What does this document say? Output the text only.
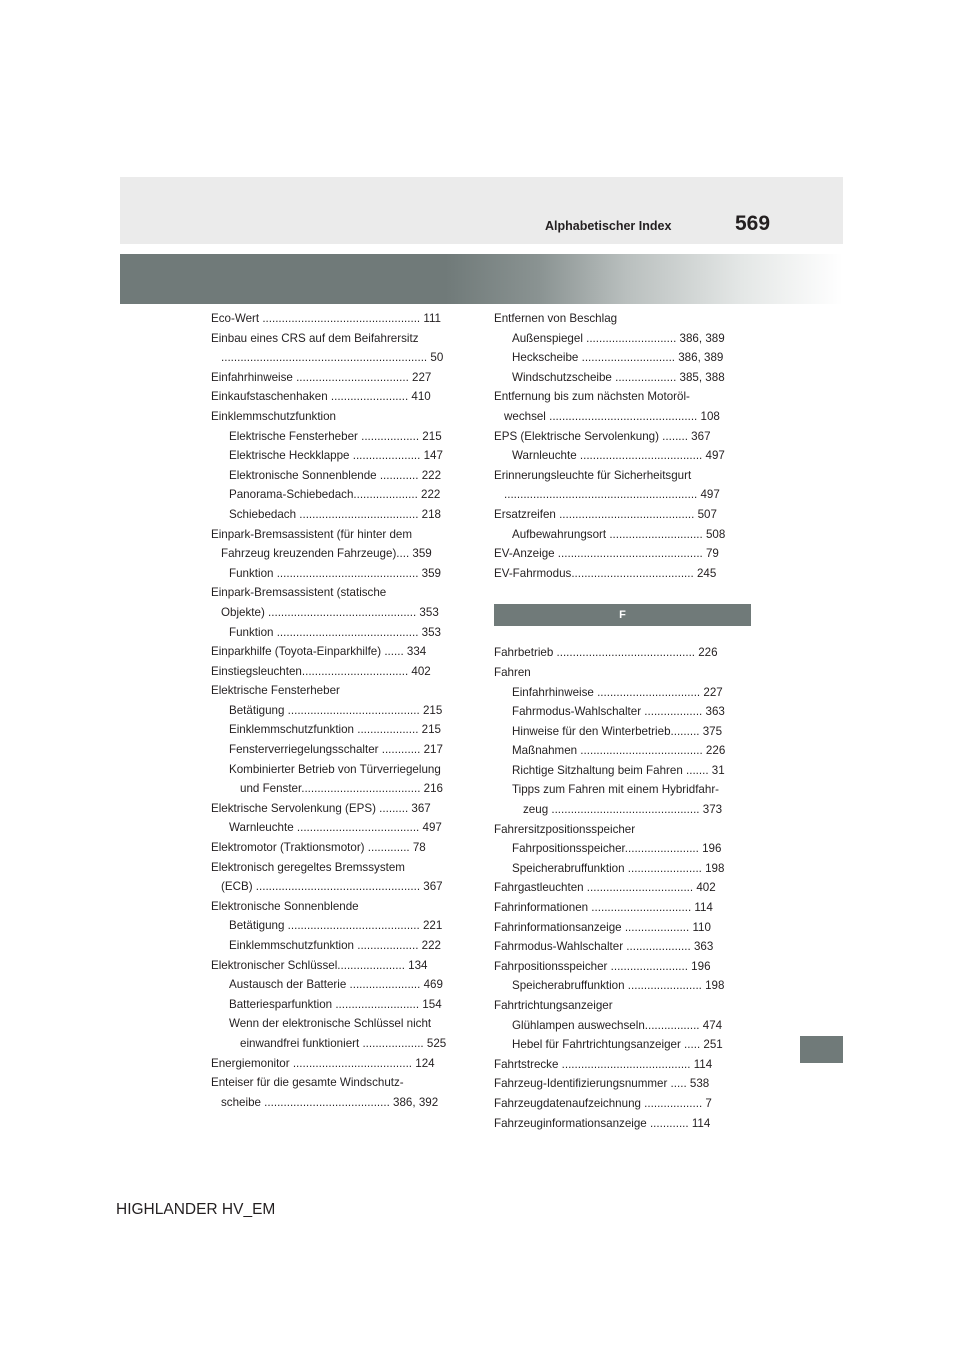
Alphabetischer Index	569
Eco-Wert ................................................. 111
Einbau eines CRS auf dem Beifahrersitz
................................................................ 50
Einfahrhinweise ................................... 227
Einkaufstaschenhaken ........................ 410
Einklemmschutzfunktion
Elektrische Fensterheber .................. 215
Elektrische Heckklappe ..................... 147
Elektronische Sonnenblende ............ 222
Panorama-Schiebedach.................... 222
Schiebedach ..................................... 218
Einpark-Bremsassistent (für hinter dem
Fahrzeug kreuzenden Fahrzeuge).... 359
Funktion ............................................ 359
Einpark-Bremsassistent (statische
Objekte) .............................................. 353
Funktion ............................................ 353
Einparkhilfe (Toyota-Einparkhilfe) ...... 334
Einstiegsleuchten................................. 402
Elektrische Fensterheber
Betätigung ......................................... 215
Einklemmschutzfunktion ................... 215
Fensterverriegelungsschalter ............ 217
Kombinierter Betrieb von Türverriegelung
und Fenster..................................... 216
Elektrische Servolenkung (EPS) ......... 367
Warnleuchte ...................................... 497
Elektromotor (Traktionsmotor) ............. 78
Elektronisch geregeltes Bremssystem
(ECB) ................................................... 367
Elektronische Sonnenblende
Betätigung ......................................... 221
Einklemmschutzfunktion ................... 222
Elektronischer Schlüssel..................... 134
Austausch der Batterie ...................... 469
Batteriesparfunktion .......................... 154
Wenn der elektronische Schlüssel nicht
einwandfrei funktioniert ................... 525
Energiemonitor ..................................... 124
Enteiser für die gesamte Windschutz-
scheibe ....................................... 386, 392
Entfernen von Beschlag
Außenspiegel ............................ 386, 389
Heckscheibe ............................. 386, 389
Windschutzscheibe ................... 385, 388
Entfernung bis zum nächsten Motoröl-
wechsel .............................................. 108
EPS (Elektrische Servolenkung) ........ 367
Warnleuchte ...................................... 497
Erinnerungsleuchte für Sicherheitsgurt
............................................................ 497
Ersatzreifen .......................................... 507
Aufbewahrungsort ............................. 508
EV-Anzeige ............................................. 79
EV-Fahrmodus...................................... 245
F
Fahrbetrieb ........................................... 226
Fahren
Einfahrhinweise ................................ 227
Fahrmodus-Wahlschalter .................. 363
Hinweise für den Winterbetrieb......... 375
Maßnahmen ...................................... 226
Richtige Sitzhaltung beim Fahren ....... 31
Tipps zum Fahren mit einem Hybridfahr-
zeug .............................................. 373
Fahrersitzpositionsspeicher
Fahrpositionsspeicher....................... 196
Speicherabruffunktion ....................... 198
Fahrgastleuchten ................................. 402
Fahrinformationen ............................... 114
Fahrinformationsanzeige .................... 110
Fahrmodus-Wahlschalter .................... 363
Fahrpositionsspeicher ........................ 196
Speicherabruffunktion ....................... 198
Fahrtrichtungsanzeiger
Glühlampen auswechseln................. 474
Hebel für Fahrtrichtungsanzeiger ..... 251
Fahrtstrecke ........................................ 114
Fahrzeug-Identifizierungsnummer ..... 538
Fahrzeugdatenaufzeichnung .................. 7
Fahrzeuginformationsanzeige ............ 114
HIGHLANDER HV_EM
